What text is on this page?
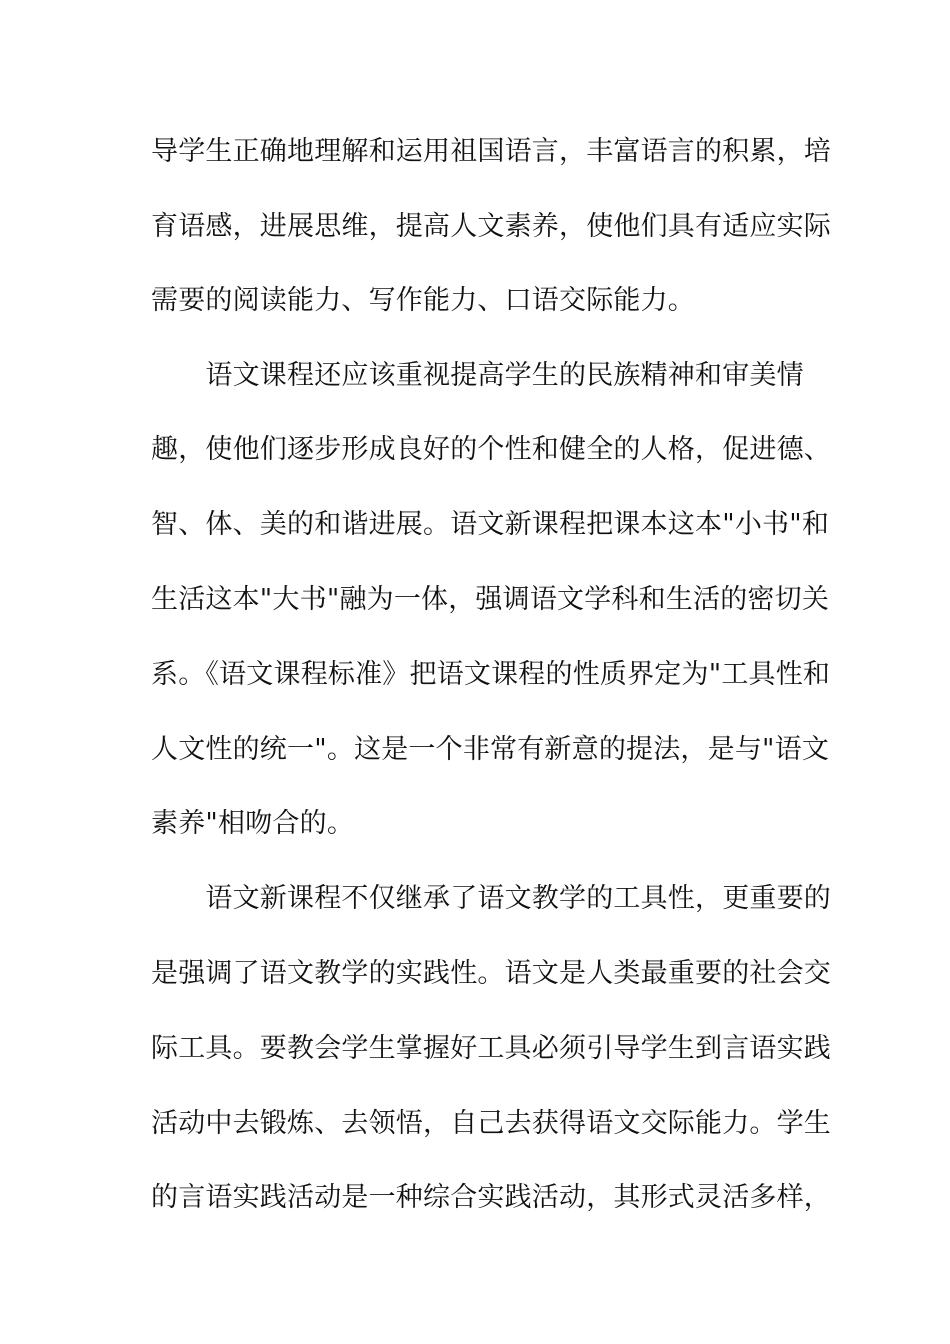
导学生正确地理解和运用祖国语言，丰富语言的积累，培
育语感，进展思维，提高人文素养，使他们具有适应实际
需要的阅读能力、写作能力、口语交际能力。
　　语文课程还应该重视提高学生的民族精神和审美情
趣，使他们逐步形成良好的个性和健全的人格，促进德、
智、体、美的和谐进展。语文新课程把课本这本"小书"和
生活这本"大书"融为一体，强调语文学科和生活的密切关
系。《语文课程标准》把语文课程的性质界定为"工具性和
人文性的统一"。这是一个非常有新意的提法，是与"语文
素养"相吻合的。
　　语文新课程不仅继承了语文教学的工具性，更重要的
是强调了语文教学的实践性。语文是人类最重要的社会交
际工具。要教会学生掌握好工具必须引导学生到言语实践
活动中去锻炼、去领悟，自己去获得语文交际能力。学生
的言语实践活动是一种综合实践活动，其形式灵活多样，
